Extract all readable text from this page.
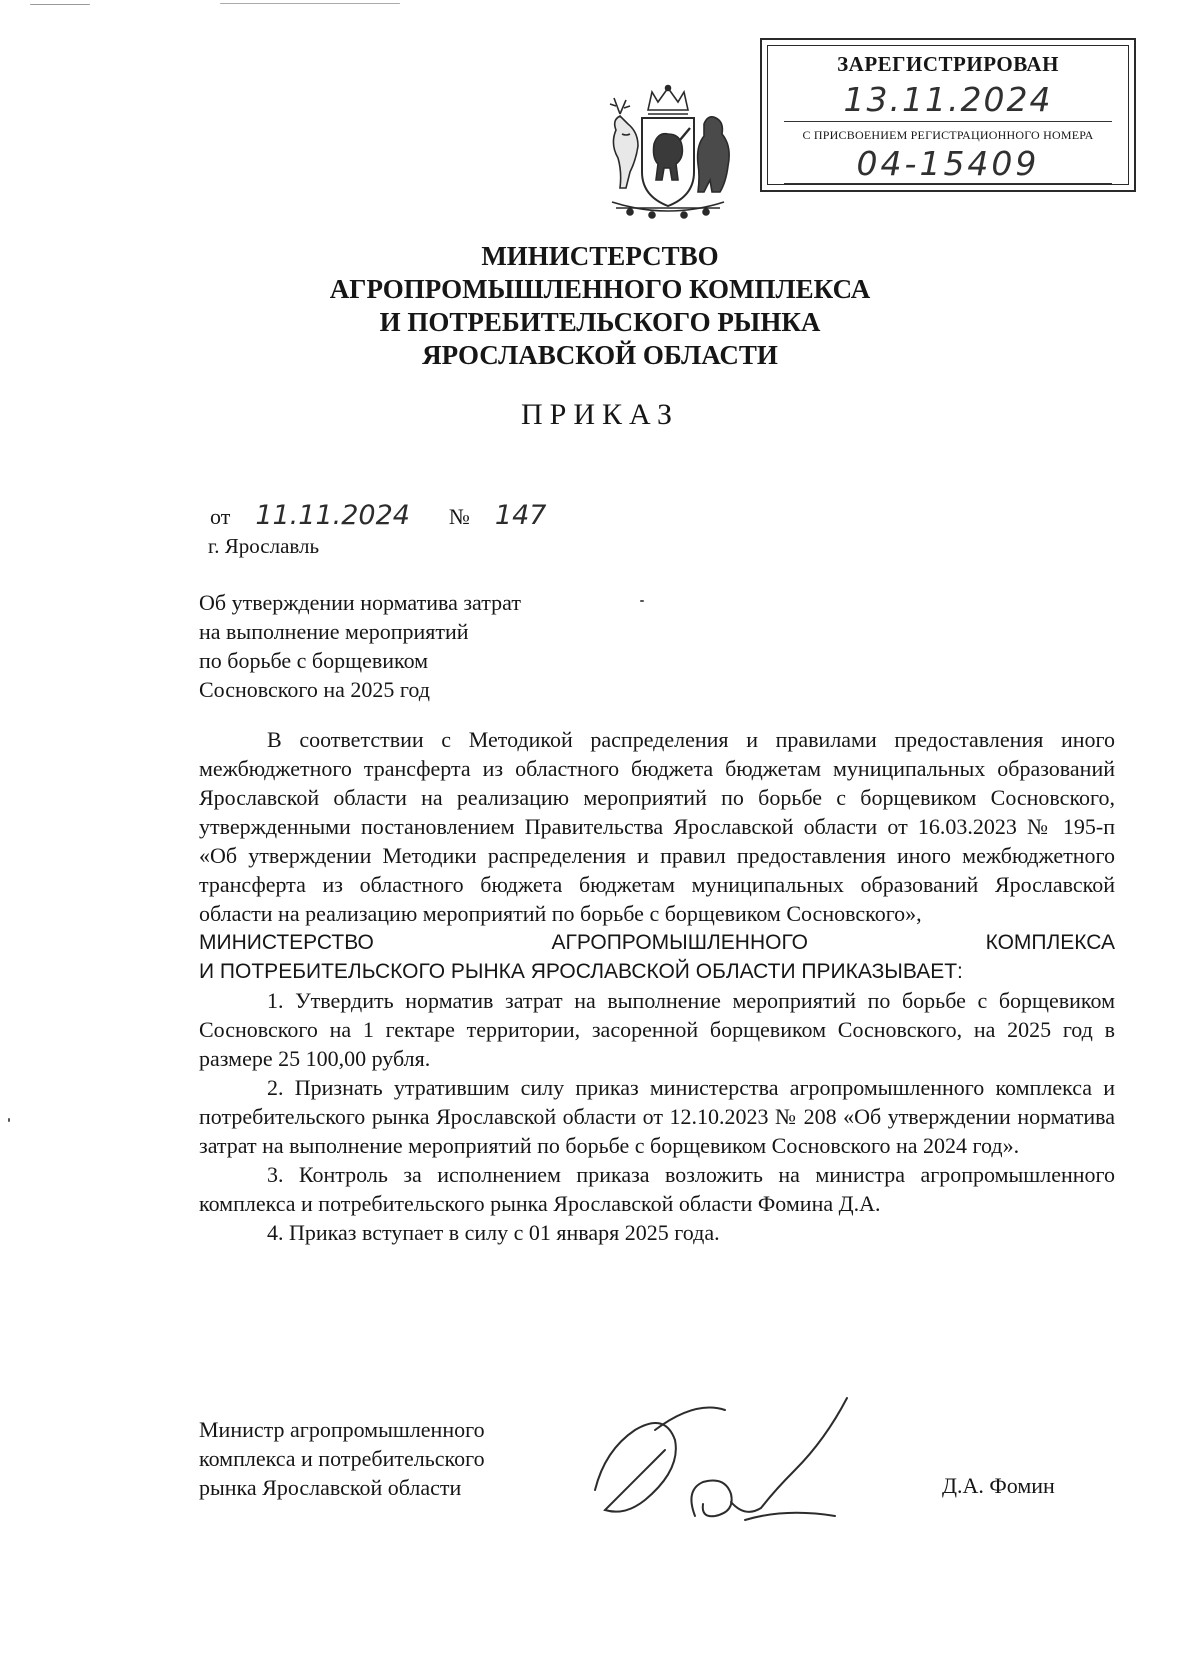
ЗАРЕГИСТРИРОВАН
13.11.2024
С ПРИСВОЕНИЕМ РЕГИСТРАЦИОННОГО НОМЕРА
04-15409
МИНИСТЕРСТВО
АГРОПРОМЫШЛЕННОГО КОМПЛЕКСА
И ПОТРЕБИТЕЛЬСКОГО РЫНКА
ЯРОСЛАВСКОЙ ОБЛАСТИ
ПРИКАЗ
от 11.11.2024 № 147
г. Ярославль
Об утверждении норматива затрат
на выполнение мероприятий
по борьбе с борщевиком
Сосновского на 2025 год

В соответствии с Методикой распределения и правилами предоставления иного межбюджетного трансферта из областного бюджета бюджетам муниципальных образований Ярославской области на реализацию мероприятий по борьбе с борщевиком Сосновского, утвержденными постановлением Правительства Ярославской области от 16.03.2023 № 195-п «Об утверждении Методики распределения и правил предоставления иного межбюджетного трансферта из областного бюджета бюджетам муниципальных образований Ярославской области на реализацию мероприятий по борьбе с борщевиком Сосновского»,

МИНИСТЕРСТВО АГРОПРОМЫШЛЕННОГО КОМПЛЕКСА

И ПОТРЕБИТЕЛЬСКОГО РЫНКА ЯРОСЛАВСКОЙ ОБЛАСТИ ПРИКАЗЫВАЕТ:

1. Утвердить норматив затрат на выполнение мероприятий по борьбе с борщевиком Сосновского на 1 гектаре территории, засоренной борщевиком Сосновского, на 2025 год в размере 25 100,00 рубля.

2. Признать утратившим силу приказ министерства агропромышленного комплекса и потребительского рынка Ярославской области от 12.10.2023 № 208 «Об утверждении норматива затрат на выполнение мероприятий по борьбе с борщевиком Сосновского на 2024 год».

3. Контроль за исполнением приказа возложить на министра агропромышленного комплекса и потребительского рынка Ярославской области Фомина Д.А.

4. Приказ вступает в силу с 01 января 2025 года.

Министр агропромышленного
комплекса и потребительского
рынка Ярославской области	Д.А. Фомин
